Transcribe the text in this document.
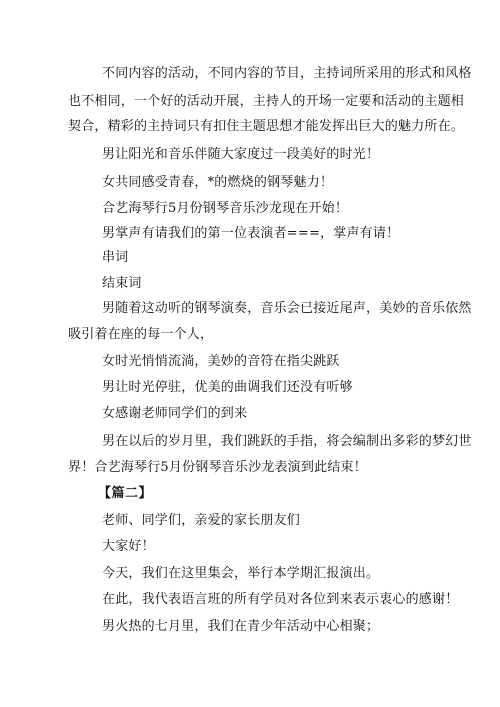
不同内容的活动，不同内容的节目，主持词所采用的形式和风格
也不相同，一个好的活动开展，主持人的开场一定要和活动的主题相
契合，精彩的主持词只有扣住主题思想才能发挥出巨大的魅力所在。
男让阳光和音乐伴随大家度过一段美好的时光！
女共同感受青春，*的燃烧的钢琴魅力！
合艺海琴行5月份钢琴音乐沙龙现在开始！
男掌声有请我们的第一位表演者===，掌声有请！
串词
结束词
男随着这动听的钢琴演奏，音乐会已接近尾声，美妙的音乐依然
吸引着在座的每一个人，
女时光悄悄流淌，美妙的音符在指尖跳跃
男让时光停驻，优美的曲调我们还没有听够
女感谢老师同学们的到来
男在以后的岁月里，我们跳跃的手指，将会编制出多彩的梦幻世
界！合艺海琴行5月份钢琴音乐沙龙表演到此结束！
【篇二】
老师、同学们，亲爱的家长朋友们
大家好！
今天，我们在这里集会，举行本学期汇报演出。
在此，我代表语言班的所有学员对各位到来表示衷心的感谢！
男火热的七月里，我们在青少年活动中心相聚；
